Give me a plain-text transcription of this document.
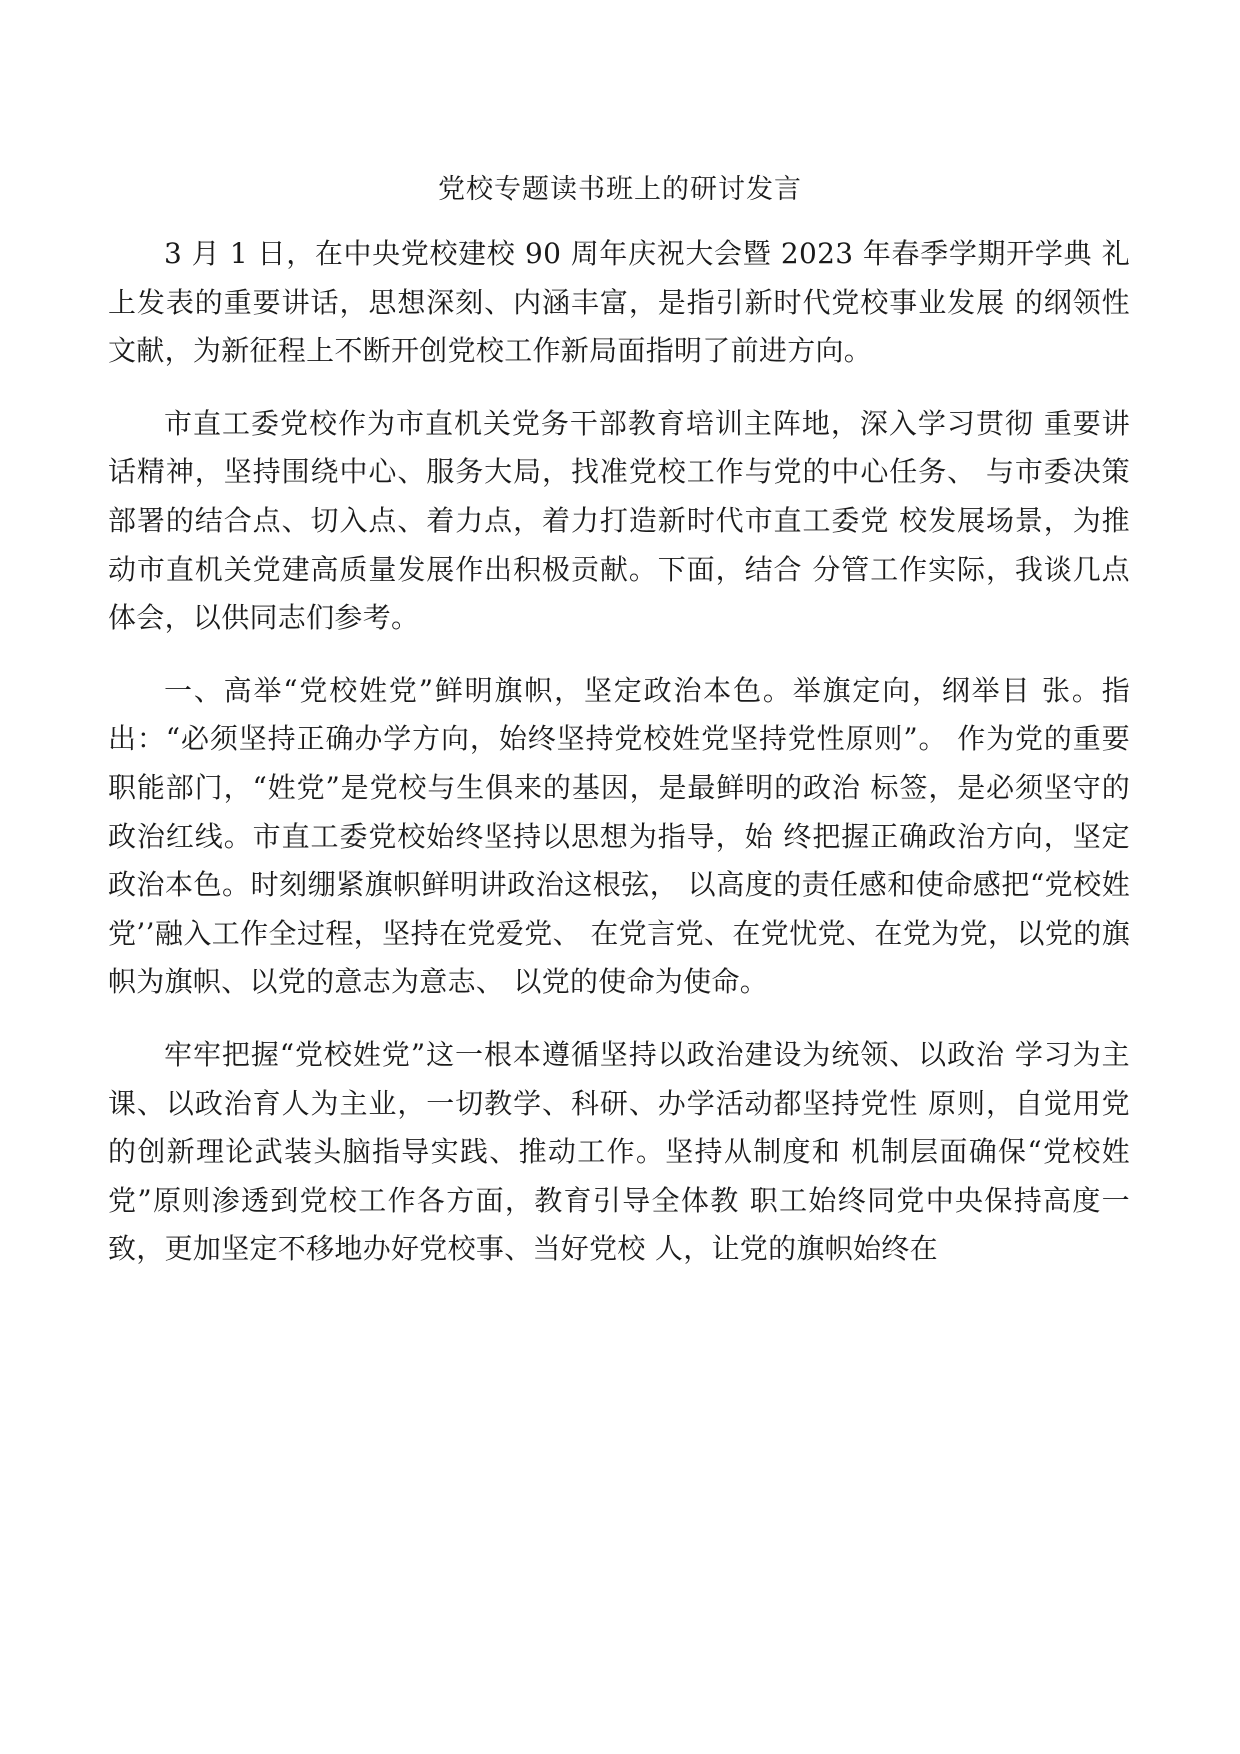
党校专题读书班上的研讨发言

3 月 1 日，在中央党校建校 90 周年庆祝大会暨 2023 年春季学期开学典 礼上发表的重要讲话，思想深刻、内涵丰富，是指引新时代党校事业发展 的纲领性文献，为新征程上不断开创党校工作新局面指明了前进方向。

市直工委党校作为市直机关党务干部教育培训主阵地，深入学习贯彻 重要讲话精神，坚持围绕中心、服务大局，找准党校工作与党的中心任务、 与市委决策部署的结合点、切入点、着力点，着力打造新时代市直工委党 校发展场景，为推动市直机关党建高质量发展作出积极贡献。下面，结合 分管工作实际，我谈几点体会，以供同志们参考。

一、高举“党校姓党”鲜明旗帜，坚定政治本色。举旗定向，纲举目 张。指出：“必须坚持正确办学方向，始终坚持党校姓党坚持党性原则”。 作为党的重要职能部门，“姓党”是党校与生俱来的基因，是最鲜明的政治 标签，是必须坚守的政治红线。市直工委党校始终坚持以思想为指导，始 终把握正确政治方向，坚定政治本色。时刻绷紧旗帜鲜明讲政治这根弦， 以高度的责任感和使命感把“党校姓党’’融入工作全过程，坚持在党爱党、 在党言党、在党忧党、在党为党，以党的旗帜为旗帜、以党的意志为意志、 以党的使命为使命。

牢牢把握“党校姓党”这一根本遵循坚持以政治建设为统领、以政治 学习为主课、以政治育人为主业，一切教学、科研、办学活动都坚持党性 原则，自觉用党的创新理论武装头脑指导实践、推动工作。坚持从制度和 机制层面确保“党校姓党”原则渗透到党校工作各方面，教育引导全体教 职工始终同党中央保持高度一致，更加坚定不移地办好党校事、当好党校 人，让党的旗帜始终在
